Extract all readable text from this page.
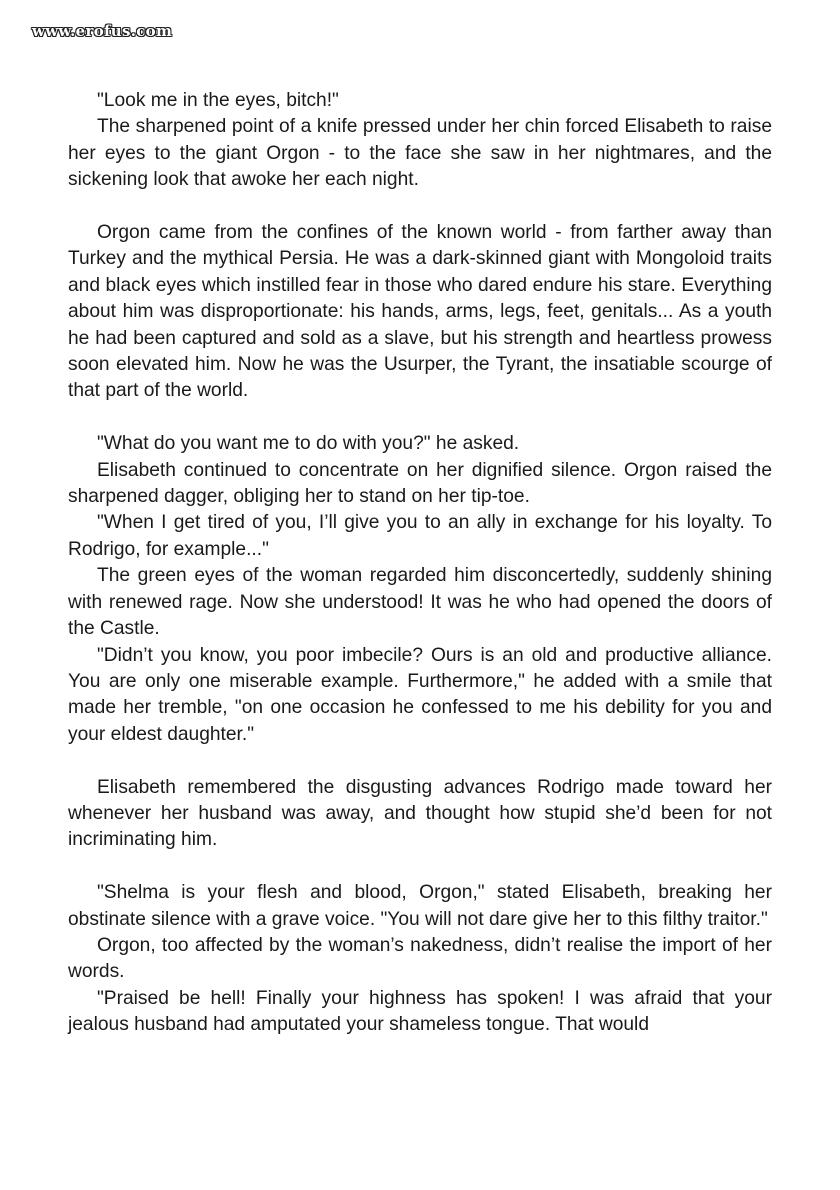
www.erofus.com

"Look me in the eyes, bitch!"

The sharpened point of a knife pressed under her chin forced Elisabeth to raise her eyes to the giant Orgon - to the face she saw in her nightmares, and the sickening look that awoke her each night.

Orgon came from the confines of the known world - from farther away than Turkey and the mythical Persia. He was a dark-skinned giant with Mongoloid traits and black eyes which instilled fear in those who dared endure his stare. Everything about him was disproportionate: his hands, arms, legs, feet, genitals... As a youth he had been captured and sold as a slave, but his strength and heartless prowess soon elevated him. Now he was the Usurper, the Tyrant, the insatiable scourge of that part of the world.

"What do you want me to do with you?" he asked.

Elisabeth continued to concentrate on her dignified silence. Orgon raised the sharpened dagger, obliging her to stand on her tip-toe.

"When I get tired of you, I’ll give you to an ally in exchange for his loyalty. To Rodrigo, for example..."

The green eyes of the woman regarded him disconcertedly, suddenly shining with renewed rage. Now she understood! It was he who had opened the doors of the Castle.

"Didn’t you know, you poor imbecile? Ours is an old and productive alliance. You are only one miserable example. Furthermore," he added with a smile that made her tremble, "on one occasion he confessed to me his debility for you and your eldest daughter."

Elisabeth remembered the disgusting advances Rodrigo made toward her whenever her husband was away, and thought how stupid she’d been for not incriminating him.

"Shelma is your flesh and blood, Orgon," stated Elisabeth, breaking her obstinate silence with a grave voice. "You will not dare give her to this filthy traitor."

Orgon, too affected by the woman’s nakedness, didn’t realise the import of her words.

"Praised be hell! Finally your highness has spoken! I was afraid that your jealous husband had amputated your shameless tongue. That would
